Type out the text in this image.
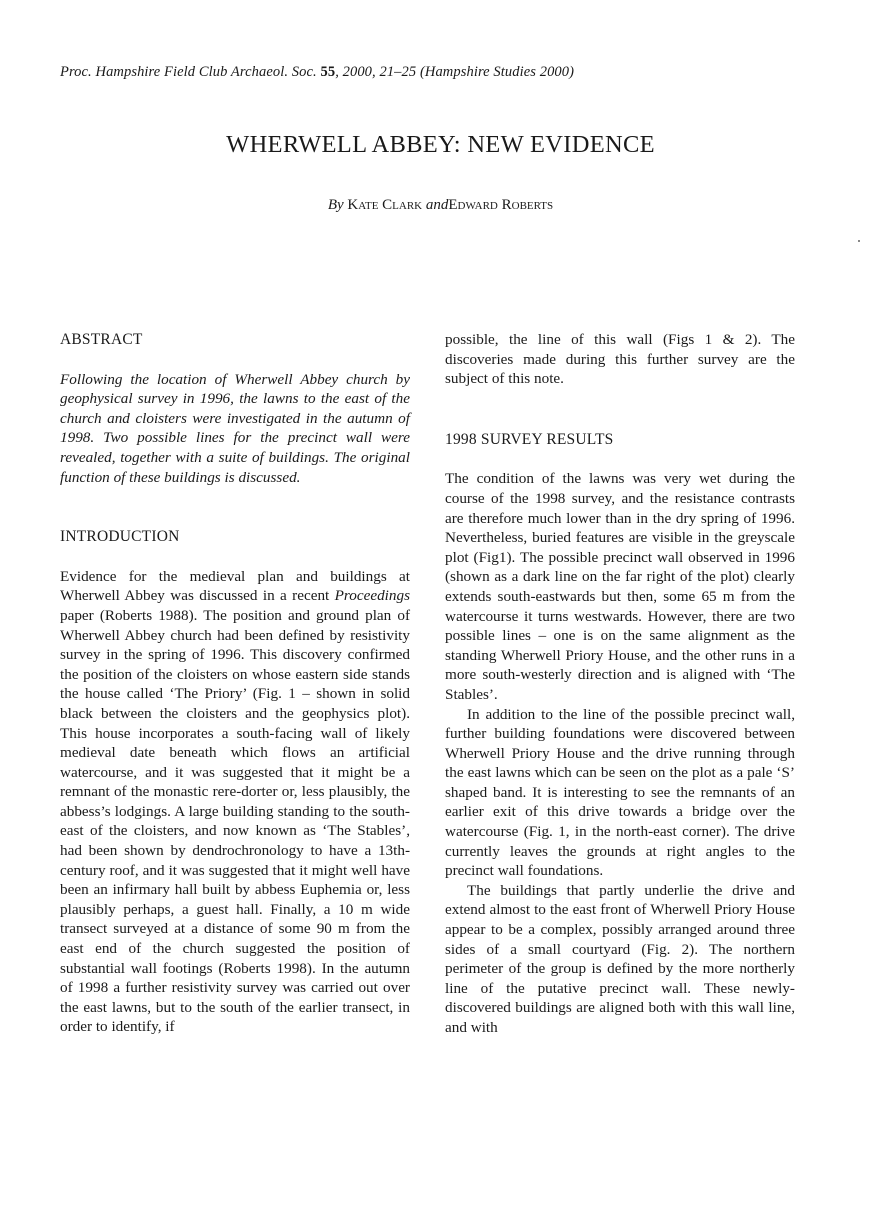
Proc. Hampshire Field Club Archaeol. Soc. 55, 2000, 21–25 (Hampshire Studies 2000)
WHERWELL ABBEY: NEW EVIDENCE
By Kate Clark andEdward Roberts
ABSTRACT

Following the location of Wherwell Abbey church by geophysical survey in 1996, the lawns to the east of the church and cloisters were investigated in the autumn of 1998. Two possible lines for the precinct wall were revealed, together with a suite of buildings. The original function of these buildings is discussed.

INTRODUCTION

Evidence for the medieval plan and buildings at Wherwell Abbey was discussed in a recent Proceedings paper (Roberts 1988). The position and ground plan of Wherwell Abbey church had been defined by resistivity survey in the spring of 1996. This discovery confirmed the position of the cloisters on whose eastern side stands the house called ‘The Priory’ (Fig. 1 – shown in solid black between the cloisters and the geophysics plot). This house incorporates a south-facing wall of likely medieval date beneath which flows an artificial watercourse, and it was suggested that it might be a remnant of the monastic rere-dorter or, less plausibly, the abbess’s lodgings. A large building standing to the south-east of the cloisters, and now known as ‘The Stables’, had been shown by dendrochronology to have a 13th-century roof, and it was suggested that it might well have been an infirmary hall built by abbess Euphemia or, less plausibly perhaps, a guest hall. Finally, a 10 m wide transect surveyed at a distance of some 90 m from the east end of the church suggested the position of substantial wall footings (Roberts 1998). In the autumn of 1998 a further resistivity survey was carried out over the east lawns, but to the south of the earlier transect, in order to identify, if

possible, the line of this wall (Figs 1 & 2). The discoveries made during this further survey are the subject of this note.

1998 SURVEY RESULTS

The condition of the lawns was very wet during the course of the 1998 survey, and the resistance contrasts are therefore much lower than in the dry spring of 1996. Nevertheless, buried features are visible in the greyscale plot (Fig1). The possible precinct wall observed in 1996 (shown as a dark line on the far right of the plot) clearly extends south-eastwards but then, some 65 m from the watercourse it turns westwards. However, there are two possible lines – one is on the same alignment as the standing Wherwell Priory House, and the other runs in a more south-westerly direction and is aligned with ‘The Stables’.

In addition to the line of the possible precinct wall, further building foundations were discovered between Wherwell Priory House and the drive running through the east lawns which can be seen on the plot as a pale ‘S’ shaped band. It is interesting to see the remnants of an earlier exit of this drive towards a bridge over the watercourse (Fig. 1, in the north-east corner). The drive currently leaves the grounds at right angles to the precinct wall foundations.

The buildings that partly underlie the drive and extend almost to the east front of Wherwell Priory House appear to be a complex, possibly arranged around three sides of a small courtyard (Fig. 2). The northern perimeter of the group is defined by the more northerly line of the putative precinct wall. These newly-discovered buildings are aligned both with this wall line, and with
